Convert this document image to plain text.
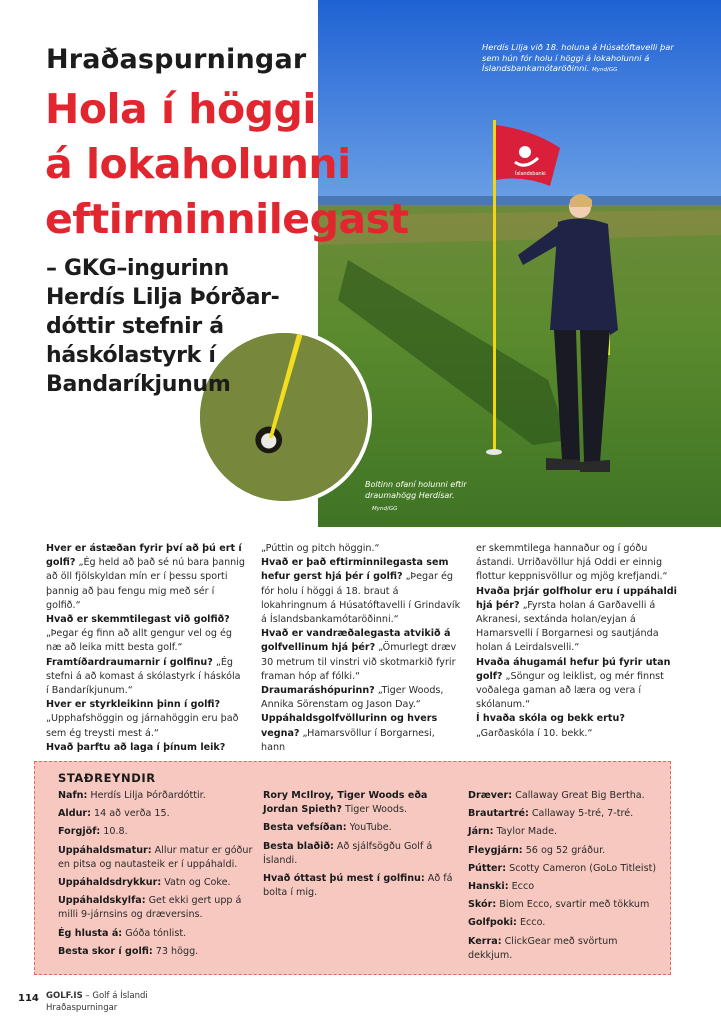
Íslandsbanki
Herdís Lilja við 18. holuna á Húsatóftavelli þar sem hún fór holu í höggi á lokaholunni á Íslandsbankamótaröðinni. Mynd/GG
Boltinn ofaní holunni eftir draumahögg Herdísar.
Mynd/GG
Hraðaspurningar
Hola í höggi
á lokaholunni
eftirminnilegast
– GKG–ingurinn Herdís Lilja Þórðar-dóttir stefnir á háskólastyrk í Bandaríkjunum

Hver er ástæðan fyrir því að þú ert í golfi? „Ég held að það sé nú bara þannig að öll fjölskyldan mín er í þessu sporti þannig að þau fengu mig með sér í golfið.“

Hvað er skemmtilegast við golfið? „Þegar ég finn að allt gengur vel og ég næ að leika mitt besta golf.“

Framtíðardraumarnir í golfinu? „Ég stefni á að komast á skólastyrk í háskóla í Bandaríkjunum.“

Hver er styrkleikinn þinn í golfi? „Upphafshöggin og járnahöggin eru það sem ég treysti mest á.“

Hvað þarftu að laga í þínum leik?

„Púttin og pitch höggin.“

Hvað er það eftirminnilegasta sem hefur gerst hjá þér í golfi? „Þegar ég fór holu í höggi á 18. braut á lokahringnum á Húsatóftavelli í Grindavík á Íslandsbankamótaröðinni.“

Hvað er vandræðalegasta atvikið á golfvellinum hjá þér? „Ömurlegt dræv 30 metrum til vinstri við skotmarkið fyrir framan hóp af fólki.“

Draumaráshópurinn? „Tiger Woods, Annika Sörenstam og Jason Day.“

Uppáhaldsgolfvöllurinn og hvers vegna? „Hamarsvöllur í Borgarnesi, hann

er skemmtilega hannaður og í góðu ástandi. Urriðavöllur hjá Oddi er einnig flottur keppnisvöllur og mjög krefjandi.“

Hvaða þrjár golfholur eru í uppáhaldi hjá þér? „Fyrsta holan á Garðavelli á Akranesi, sextánda holan/eyjan á Hamarsvelli í Borgarnesi og sautjánda holan á Leirdalsvelli.“

Hvaða áhugamál hefur þú fyrir utan golf? „Söngur og leiklist, og mér finnst voðalega gaman að læra og vera í skólanum.“

Í hvaða skóla og bekk ertu? „Garðaskóla í 10. bekk.“

STAÐREYNDIR
Nafn: Herdís Lilja Þórðardóttir.
Aldur: 14 að verða 15.
Forgjöf: 10.8.
Uppáhaldsmatur: Allur matur er góður en pitsa og nautasteik er í uppáhaldi.
Uppáhaldsdrykkur: Vatn og Coke.
Uppáhaldskylfa: Get ekki gert upp á milli 9-járnsins og dræversins.
Ég hlusta á: Góða tónlist.
Besta skor í golfi: 73 högg.
Rory McIlroy, Tiger Woods eða Jordan Spieth? Tiger Woods.
Besta vefsíðan: YouTube.
Besta blaðið: Að sjálfsögðu Golf á Íslandi.
Hvað óttast þú mest í golfinu: Að fá bolta í mig.
Dræver: Callaway Great Big Bertha.
Brautartré: Callaway 5-tré, 7-tré.
Járn: Taylor Made.
Fleygjárn: 56 og 52 gráður.
Pútter: Scotty Cameron (GoLo Titleist)
Hanski: Ecco
Skór: Biom Ecco, svartir með tökkum
Golfpoki: Ecco.
Kerra: ClickGear með svörtum dekkjum.
114 GOLF.IS – Golf á Íslandi
Hraðaspurningar
